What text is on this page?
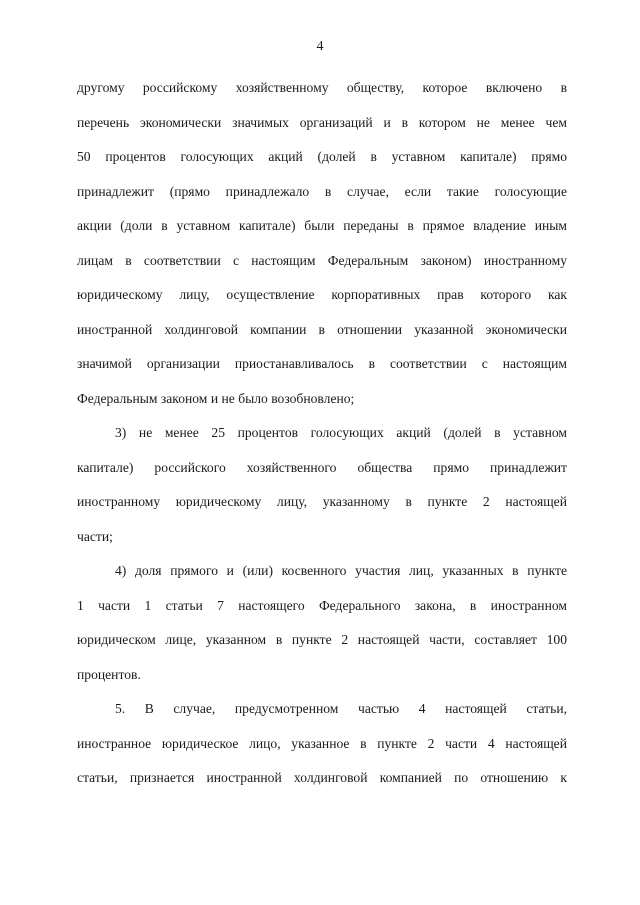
4
другому российскому хозяйственному обществу, которое включено в
перечень экономически значимых организаций и в котором не менее чем
50 процентов голосующих акций (долей в уставном капитале) прямо
принадлежит (прямо принадлежало в случае, если такие голосующие
акции (доли в уставном капитале) были переданы в прямое владение иным
лицам в соответствии с настоящим Федеральным законом) иностранному
юридическому лицу, осуществление корпоративных прав которого как
иностранной холдинговой компании в отношении указанной экономически
значимой организации приостанавливалось в соответствии с настоящим
Федеральным законом и не было возобновлено;
3) не менее 25 процентов голосующих акций (долей в уставном
капитале) российского хозяйственного общества прямо принадлежит
иностранному юридическому лицу, указанному в пункте 2 настоящей
части;
4) доля прямого и (или) косвенного участия лиц, указанных в пункте
1 части 1 статьи 7 настоящего Федерального закона, в иностранном
юридическом лице, указанном в пункте 2 настоящей части, составляет 100
процентов.
5. В случае, предусмотренном частью 4 настоящей статьи,
иностранное юридическое лицо, указанное в пункте 2 части 4 настоящей
статьи, признается иностранной холдинговой компанией по отношению к
